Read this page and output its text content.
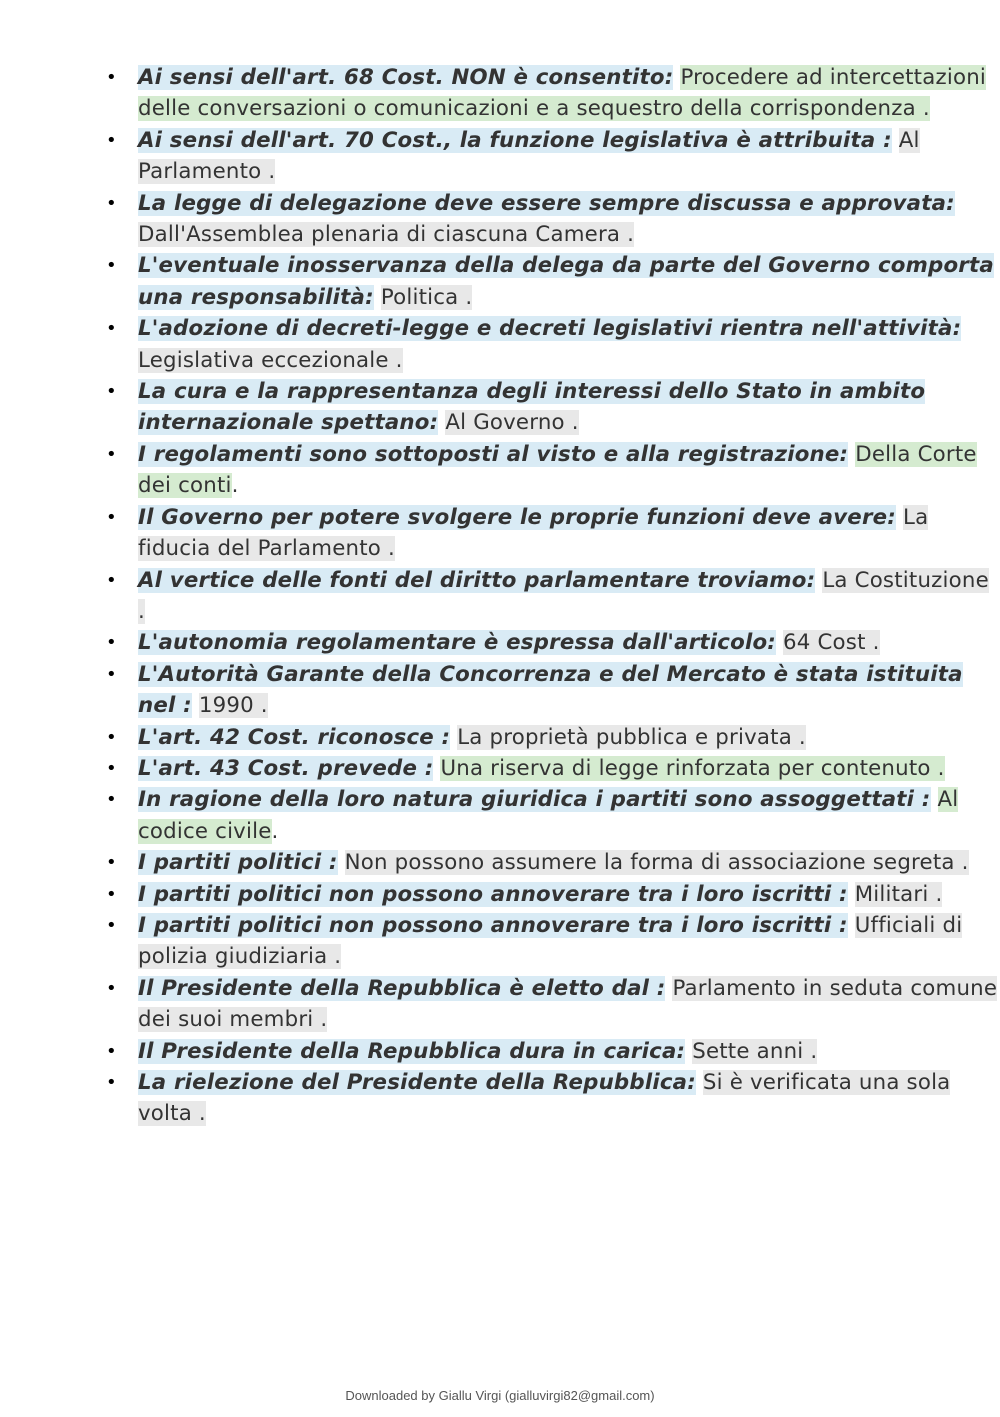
• Ai sensi dell'art. 68 Cost. NON è consentito: Procedere ad intercettazioni delle conversazioni o comunicazioni e a sequestro della corrispondenza .
• Ai sensi dell'art. 70 Cost., la funzione legislativa è attribuita : Al Parlamento .
• La legge di delegazione deve essere sempre discussa e approvata: Dall'Assemblea plenaria di ciascuna Camera .
• L'eventuale inosservanza della delega da parte del Governo comporta una responsabilità: Politica .
• L'adozione di decreti-legge e decreti legislativi rientra nell'attività: Legislativa eccezionale .
• La cura e la rappresentanza degli interessi dello Stato in ambito internazionale spettano: Al Governo .
• I regolamenti sono sottoposti al visto e alla registrazione: Della Corte dei conti.
• Il Governo per potere svolgere le proprie funzioni deve avere: La fiducia del Parlamento .
• Al vertice delle fonti del diritto parlamentare troviamo: La Costituzione .
• L'autonomia regolamentare è espressa dall'articolo: 64 Cost .
• L'Autorità Garante della Concorrenza e del Mercato è stata istituita nel : 1990 .
• L'art. 42 Cost. riconosce : La proprietà pubblica e privata .
• L'art. 43 Cost. prevede : Una riserva di legge rinforzata per contenuto .
• In ragione della loro natura giuridica i partiti sono assoggettati : Al codice civile.
• I partiti politici : Non possono assumere la forma di associazione segreta .
• I partiti politici non possono annoverare tra i loro iscritti : Militari .
• I partiti politici non possono annoverare tra i loro iscritti : Ufficiali di polizia giudiziaria .
• Il Presidente della Repubblica è eletto dal : Parlamento in seduta comune dei suoi membri .
• Il Presidente della Repubblica dura in carica: Sette anni .
• La rielezione del Presidente della Repubblica: Si è verificata una sola volta .
Downloaded by Giallu Virgi (gialluvirgi82@gmail.com)
